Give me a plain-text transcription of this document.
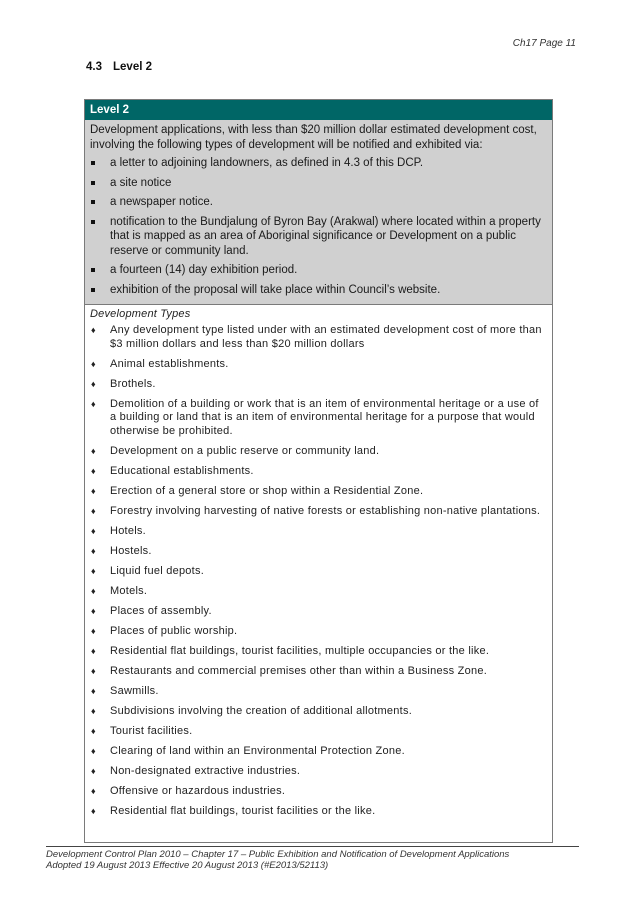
Ch17 Page 11
4.3 Level 2
Level 2

Development applications, with less than $20 million dollar estimated development cost, involving the following types of development will be notified and exhibited via:

a letter to adjoining landowners, as defined in 4.3 of this DCP.
a site notice
a newspaper notice.
notification to the Bundjalung of Byron Bay (Arakwal) where located within a property that is mapped as an area of Aboriginal significance or Development on a public reserve or community land.
a fourteen (14) day exhibition period.
exhibition of the proposal will take place within Council’s website.
Development Types
♦ Any development type listed under with an estimated development cost of more than $3 million dollars and less than $20 million dollars
♦ Animal establishments.
♦ Brothels.
♦ Demolition of a building or work that is an item of environmental heritage or a use of a building or land that is an item of environmental heritage for a purpose that would otherwise be prohibited.
♦ Development on a public reserve or community land.
♦ Educational establishments.
♦ Erection of a general store or shop within a Residential Zone.
♦ Forestry involving harvesting of native forests or establishing non-native plantations.
♦ Hotels.
♦ Hostels.
♦ Liquid fuel depots.
♦ Motels.
♦ Places of assembly.
♦ Places of public worship.
♦ Residential flat buildings, tourist facilities, multiple occupancies or the like.
♦ Restaurants and commercial premises other than within a Business Zone.
♦ Sawmills.
♦ Subdivisions involving the creation of additional allotments.
♦ Tourist facilities.
♦ Clearing of land within an Environmental Protection Zone.
♦ Non-designated extractive industries.
♦ Offensive or hazardous industries.
♦ Residential flat buildings, tourist facilities or the like.
Development Control Plan 2010 – Chapter 17 – Public Exhibition and Notification of Development Applications
Adopted 19 August 2013 Effective 20 August 2013 (#E2013/52113)
